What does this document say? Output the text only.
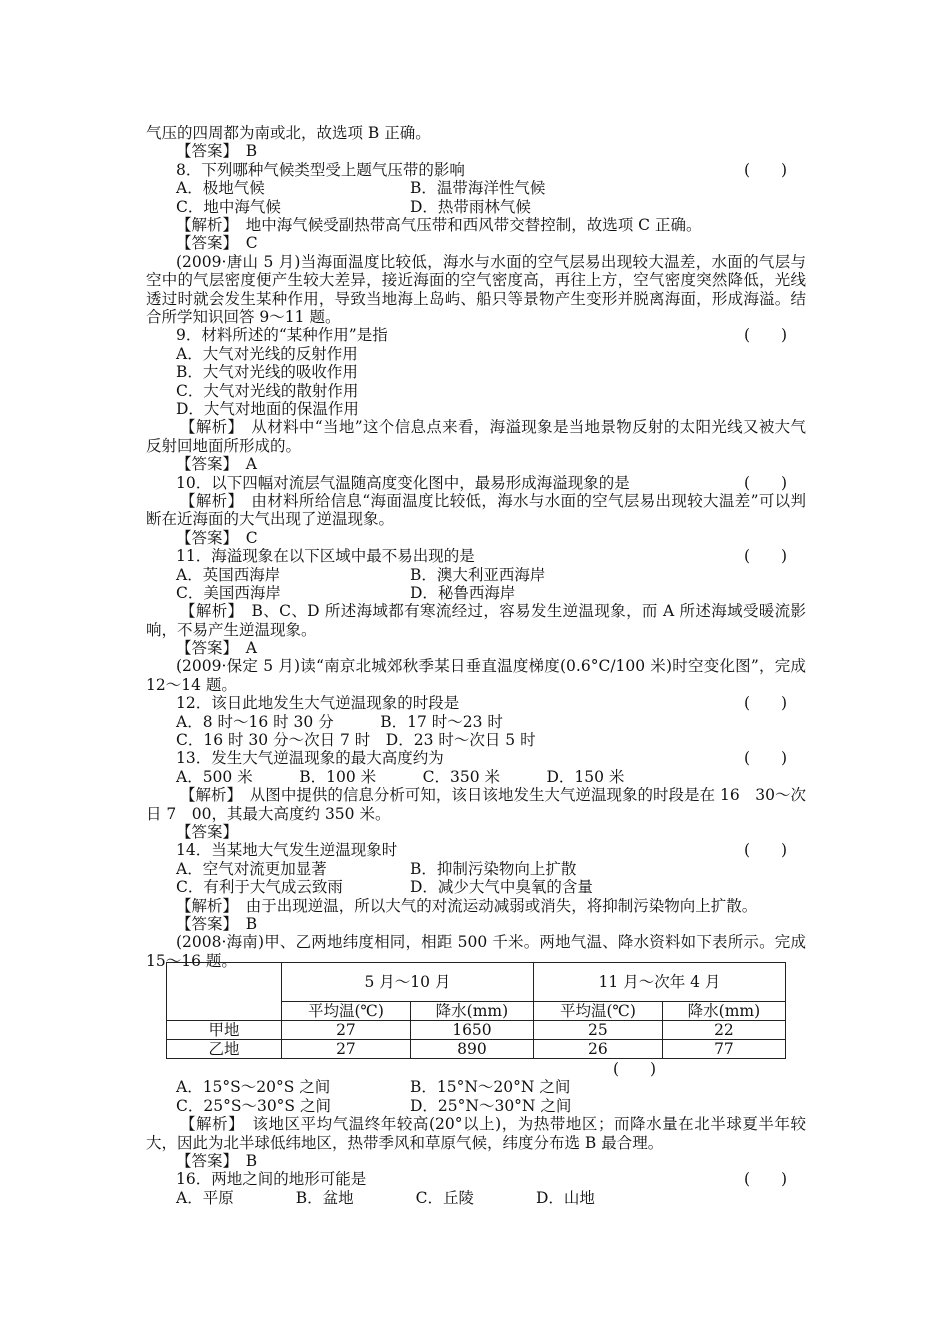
气压的四周都为南或北，故选项 B 正确。
【答案】　B
8．下列哪种气候类型受上题气压带的影响	(　　)
A．极地气候	B．温带海洋性气候
C．地中海气候	D．热带雨林气候
【解析】　地中海气候受副热带高气压带和西风带交替控制，故选项 C 正确。
【答案】　C
(2009·唐山 5 月)当海面温度比较低，海水与水面的空气层易出现较大温差，水面的气层与空中的气层密度便产生较大差异，接近海面的空气密度高，再往上方，空气密度突然降低，光线透过时就会发生某种作用，导致当地海上岛屿、船只等景物产生变形并脱离海面，形成海溢。结合所学知识回答 9～11 题。
9．材料所述的“某种作用”是指	(　　)
A．大气对光线的反射作用
B．大气对光线的吸收作用
C．大气对光线的散射作用
D．大气对地面的保温作用
【解析】　从材料中“当地”这个信息点来看，海溢现象是当地景物反射的太阳光线又被大气反射回地面所形成的。
【答案】　A
10．以下四幅对流层气温随高度变化图中，最易形成海溢现象的是	(　　)
【解析】　由材料所给信息“海面温度比较低，海水与水面的空气层易出现较大温差”可以判断在近海面的大气出现了逆温现象。
【答案】　C
11．海溢现象在以下区域中最不易出现的是	(　　)
A．英国西海岸	B．澳大利亚西海岸
C．美国西海岸	D．秘鲁西海岸
【解析】　B、C、D 所述海域都有寒流经过，容易发生逆温现象，而 A 所述海域受暖流影响，不易产生逆温现象。
【答案】　A
(2009·保定 5 月)读“南京北城郊秋季某日垂直温度梯度(0.6°C/100 米)时空变化图”，完成 12～14 题。
12．该日此地发生大气逆温现象的时段是	(　　)
A．8 时～16 时 30 分　　　B．17 时～23 时
C．16 时 30 分～次日 7 时　D．23 时～次日 5 时
13．发生大气逆温现象的最大高度约为	(　　)
A．500 米　　　B．100 米　　　C．350 米　　　D．150 米
【解析】　从图中提供的信息分析可知，该日该地发生大气逆温现象的时段是在 16　30～次日 7　00，其最大高度约 350 米。
【答案】
14．当某地大气发生逆温现象时	(　　)
A．空气对流更加显著	B．抑制污染物向上扩散
C．有利于大气成云致雨	D．减少大气中臭氧的含量
【解析】　由于出现逆温，所以大气的对流运动减弱或消失，将抑制污染物向上扩散。
【答案】　B
(2008·海南)甲、乙两地纬度相同，相距 500 千米。两地气温、降水资料如下表所示。完成 15～16 题。
	5 月～10 月		11 月～次年 4 月	
	平均温(℃)	降水(mm)	平均温(℃)	降水(mm)
甲地	27	1650	25	22
乙地	27	890	26	77
(　　)
A．15°S～20°S 之间	B．15°N～20°N 之间
C．25°S～30°S 之间	D．25°N～30°N 之间
【解析】　该地区平均气温终年较高(20°以上)，为热带地区；而降水量在北半球夏半年较大，因此为北半球低纬地区，热带季风和草原气候，纬度分布选 B 最合理。
【答案】　B
16．两地之间的地形可能是	(　　)
A．平原　　　　B．盆地　　　　C．丘陵　　　　D．山地
